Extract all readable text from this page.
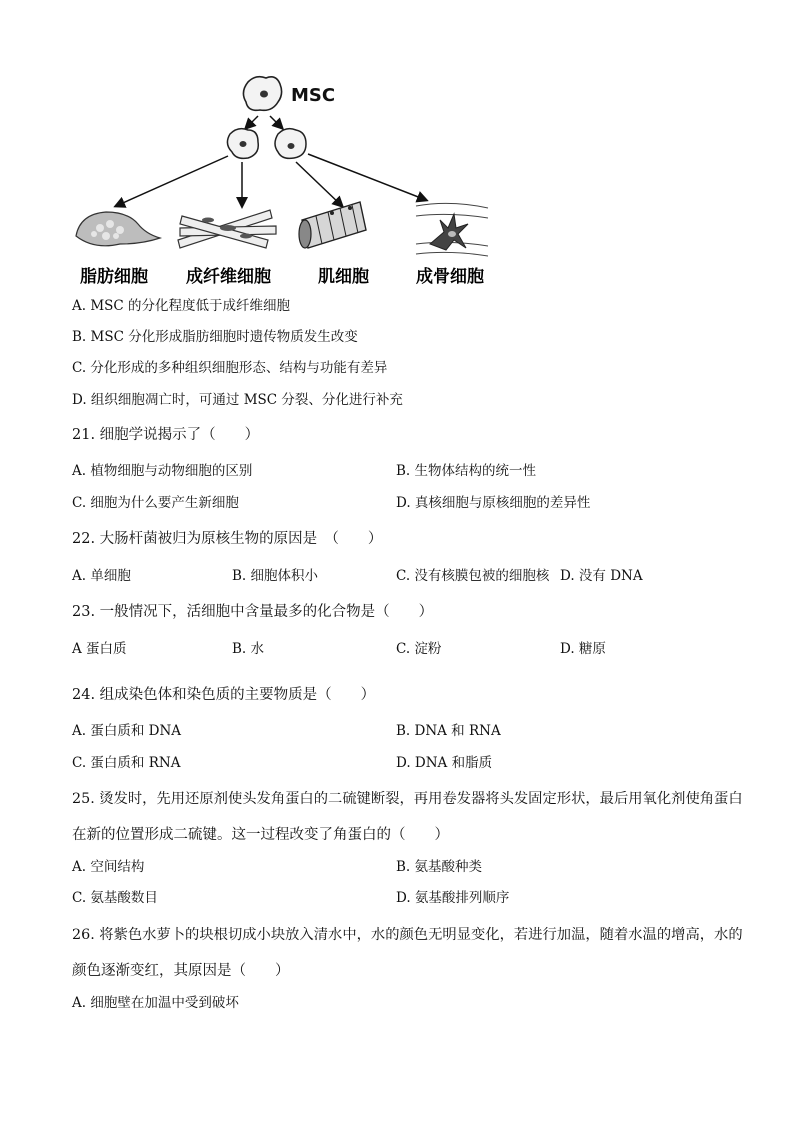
MSC
脂肪细胞 成纤维细胞	肌细胞	成骨细胞
A. MSC 的分化程度低于成纤维细胞
B. MSC 分化形成脂肪细胞时遗传物质发生改变
C. 分化形成的多种组织细胞形态、结构与功能有差异
D. 组织细胞凋亡时，可通过 MSC 分裂、分化进行补充
21. 细胞学说揭示了（　　）
A. 植物细胞与动物细胞的区别	B. 生物体结构的统一性
C. 细胞为什么要产生新细胞	D. 真核细胞与原核细胞的差异性
22. 大肠杆菌被归为原核生物的原因是　（　　）
A. 单细胞	B. 细胞体积小	C. 没有核膜包被的细胞核 D. 没有 DNA
23. 一般情况下，活细胞中含量最多的化合物是（　　）
A 蛋白质	B. 水	C. 淀粉	D. 糖原
24. 组成染色体和染色质的主要物质是（　　）
A. 蛋白质和 DNA	B. DNA 和 RNA
C. 蛋白质和 RNA	D. DNA 和脂质
25. 烫发时，先用还原剂使头发角蛋白的二硫键断裂，再用卷发器将头发固定形状，最后用氧化剂使角蛋白
在新的位置形成二硫键。这一过程改变了角蛋白的（　　）
A. 空间结构	B. 氨基酸种类
C. 氨基酸数目	D. 氨基酸排列顺序
26. 将紫色水萝卜的块根切成小块放入清水中，水的颜色无明显变化，若进行加温，随着水温的增高，水的
颜色逐渐变红，其原因是（　　）
A. 细胞壁在加温中受到破坏
